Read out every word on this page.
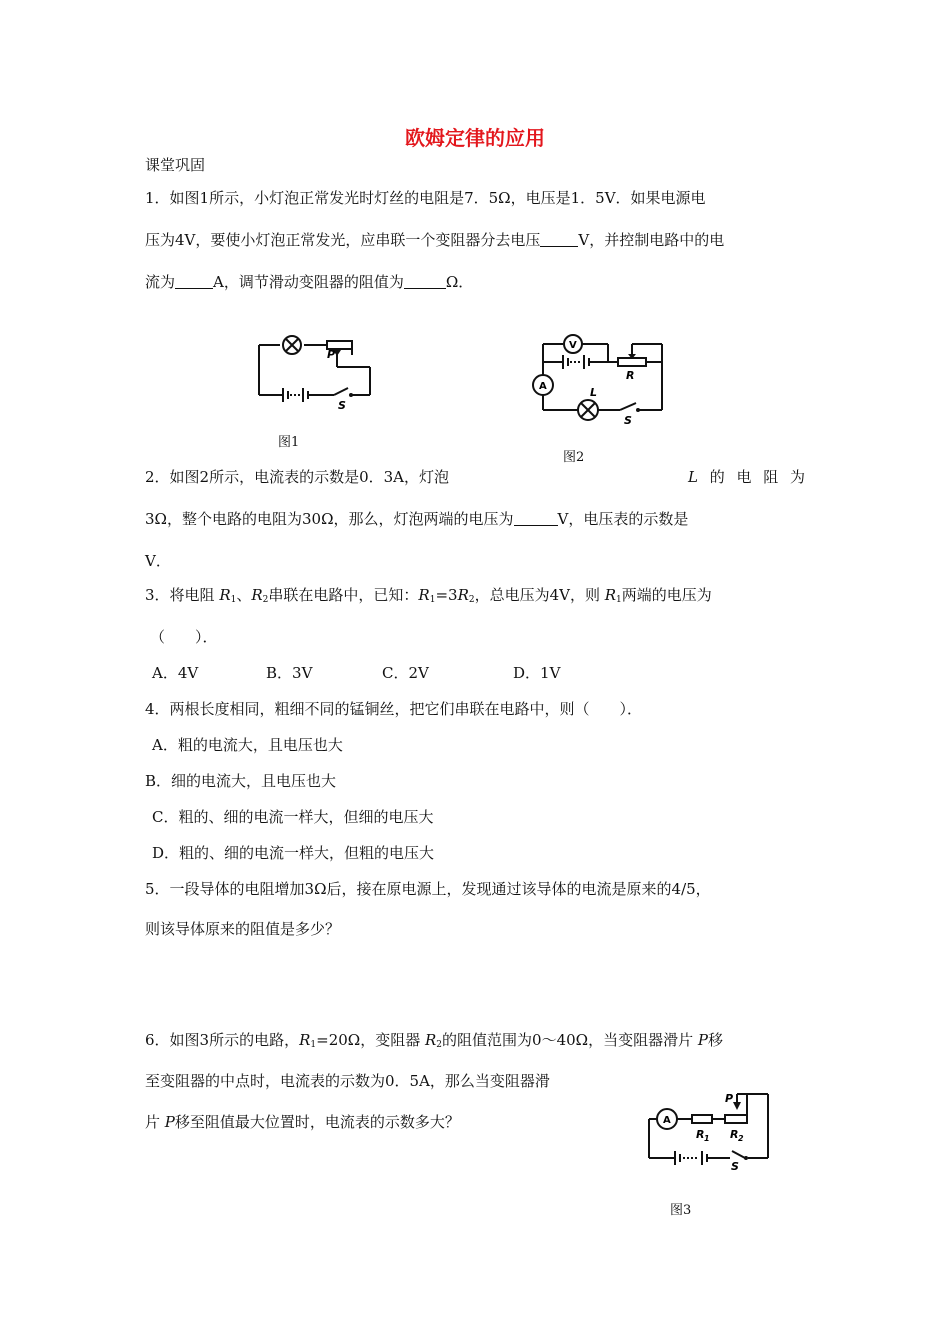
欧姆定律的应用
课堂巩固
1．如图1所示，小灯泡正常发光时灯丝的电阻是7．5Ω，电压是1．5V．如果电源电
压为4V，要使小灯泡正常发光，应串联一个变阻器分去电压	V，并控制电路中的电
流为	A，调节滑动变阻器的阻值为	Ω．
P
S
图1
V
A
R
L
S
图2
2．如图2所示，电流表的示数是0．3A，灯泡	L 的 电 阻 为
3Ω，整个电路的电阻为30Ω，那么，灯泡两端的电压为	V，电压表的示数是
V．
3．将电阻 $R_1$、$R_2$串联在电路中，已知：$R_1=3R_2$，总电压为4V，则 $R_1$两端的电压为
（　　）．
A．4V	B．3V	C．2V	D．1V
4．两根长度相同，粗细不同的锰铜丝，把它们串联在电路中，则（　　）．
A．粗的电流大，且电压也大
B．细的电流大，且电压也大
C．粗的、细的电流一样大，但细的电压大
D．粗的、细的电流一样大，但粗的电压大
5．一段导体的电阻增加3Ω后，接在原电源上，发现通过该导体的电流是原来的4/5，
则该导体原来的阻值是多少？
6．如图3所示的电路，$R_1=20\Omega$，变阻器 $R_2$的阻值范围为0～40Ω，当变阻器滑片 P移
至变阻器的中点时，电流表的示数为0．5A，那么当变阻器滑
片 P移至阻值最大位置时，电流表的示数多大？	A
P
R 1 R 2
S
图3
